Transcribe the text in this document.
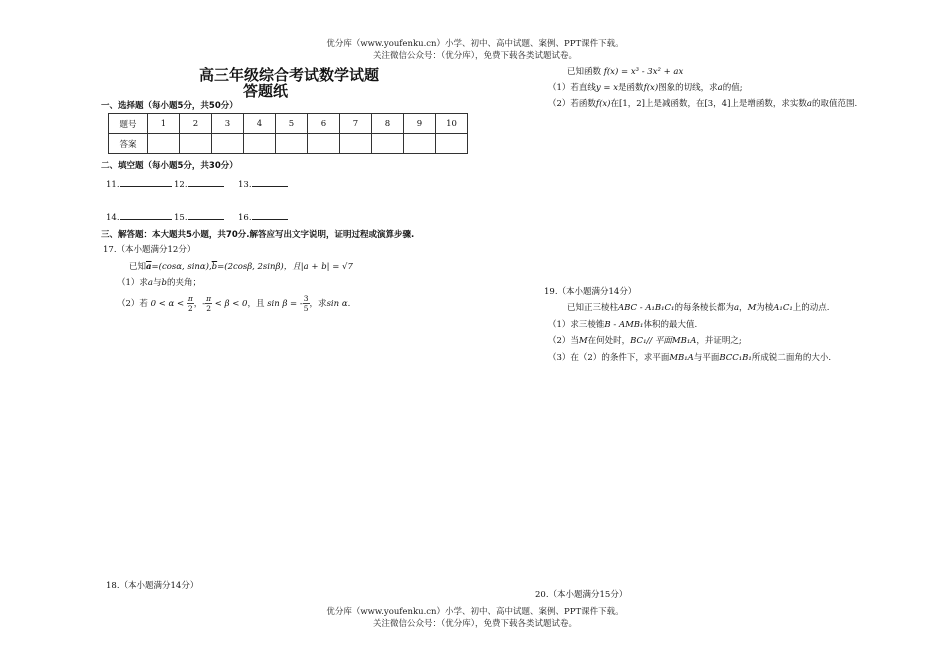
优分库（www.youfenku.cn）小学、初中、高中试题、案例、PPT课件下载。
关注微信公众号：（优分库），免费下载各类试题试卷。
高三年级综合考试数学试题
答题纸
一、选择题（每小题5分，共50分）
题号	1	2	3	4	5	6	7	8	9	10
答案										
二、填空题（每小题5分，共30分）
11.	12.	13.
14.	15.	16.
三、解答题：本大题共5小题，共70分.解答应写出文字说明，证明过程或演算步骤.
17.（本小题满分12分）
已知$\overline{a}=(\cos\alpha$, $\sin\alpha),\overline{b}=(2\cos\beta$, 2sinβ)，且|a + b| = √7
（1）求a与b的夹角；
（2）若 $0 < \alpha < \frac{\pi}{2}$ ，- $\frac{\pi}{2} < \beta < 0$，且 sin β = - $\frac{3}{5}$ ，求sin α.
18.（本小题满分14分）
已知函数 f(x) = x³ - 3x² + ax
（1）若直线y = x是函数f(x)图象的切线，求a的值;
（2）若函数f(x)在[1，2]上是减函数，在[3，4]上是增函数，求实数a的取值范围.
19.（本小题满分14分）
已知正三棱柱ABC - A₁B₁C₁的每条棱长都为a，M为棱A₁C₁上的动点.
（1）求三棱锥B - AMB₁体积的最大值.
（2）当M在何处时，BC₁// 平面MB₁A，并证明之;
（3）在（2）的条件下，求平面MB₁A与平面BCC₁B₁所成锐二面角的大小.
20.（本小题满分15分）
优分库（www.youfenku.cn）小学、初中、高中试题、案例、PPT课件下载。
关注微信公众号：（优分库），免费下载各类试题试卷。
